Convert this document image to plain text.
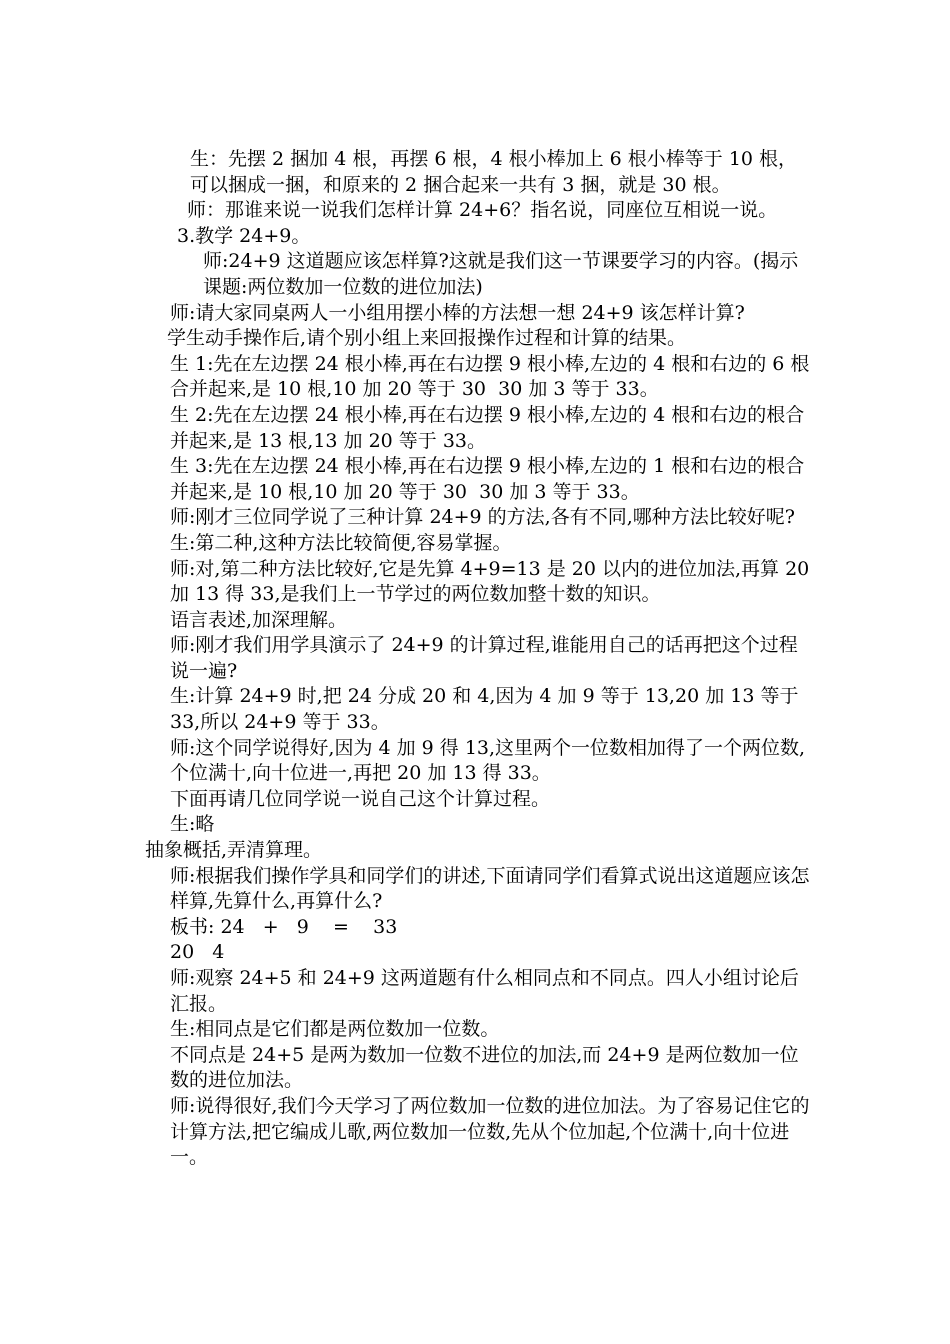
生：先摆 2 捆加 4 根，再摆 6 根，4 根小棒加上 6 根小棒等于 10 根，可以捆成一捆，和原来的 2 捆合起来一共有 3 捆，就是 30 根。

师：那谁来说一说我们怎样计算 24+6？指名说，同座位互相说一说。

3.教学 24+9。

师:24+9 这道题应该怎样算?这就是我们这一节课要学习的内容。(揭示课题:两位数加一位数的进位加法)

师:请大家同桌两人一小组用摆小棒的方法想一想 24+9 该怎样计算?

学生动手操作后,请个别小组上来回报操作过程和计算的结果。

生 1:先在左边摆 24 根小棒,再在右边摆 9 根小棒,左边的 4 根和右边的 6 根合并起来,是 10 根,10 加 20 等于 30  30 加 3 等于 33。

生 2:先在左边摆 24 根小棒,再在右边摆 9 根小棒,左边的 4 根和右边的根合并起来,是 13 根,13 加 20 等于 33。

生 3:先在左边摆 24 根小棒,再在右边摆 9 根小棒,左边的 1 根和右边的根合并起来,是 10 根,10 加 20 等于 30  30 加 3 等于 33。

师:刚才三位同学说了三种计算 24+9 的方法,各有不同,哪种方法比较好呢?

生:第二种,这种方法比较简便,容易掌握。

师:对,第二种方法比较好,它是先算 4+9=13 是 20 以内的进位加法,再算 20 加 13 得 33,是我们上一节学过的两位数加整十数的知识。

语言表述,加深理解。

师:刚才我们用学具演示了 24+9 的计算过程,谁能用自己的话再把这个过程说一遍?

生:计算 24+9 时,把 24 分成 20 和 4,因为 4 加 9 等于 13,20 加 13 等于 33,所以 24+9 等于 33。

师:这个同学说得好,因为 4 加 9 得 13,这里两个一位数相加得了一个两位数,个位满十,向十位进一,再把 20 加 13 得 33。

下面再请几位同学说一说自己这个计算过程。

生:略

抽象概括,弄清算理。

师:根据我们操作学具和同学们的讲述,下面请同学们看算式说出这道题应该怎样算,先算什么,再算什么?

板书: 24   +   9    =    33

20   4

师:观察 24+5 和 24+9 这两道题有什么相同点和不同点。四人小组讨论后汇报。

生:相同点是它们都是两位数加一位数。

不同点是 24+5 是两为数加一位数不进位的加法,而 24+9 是两位数加一位数的进位加法。

师:说得很好,我们今天学习了两位数加一位数的进位加法。为了容易记住它的计算方法,把它编成儿歌,两位数加一位数,先从个位加起,个位满十,向十位进一。
